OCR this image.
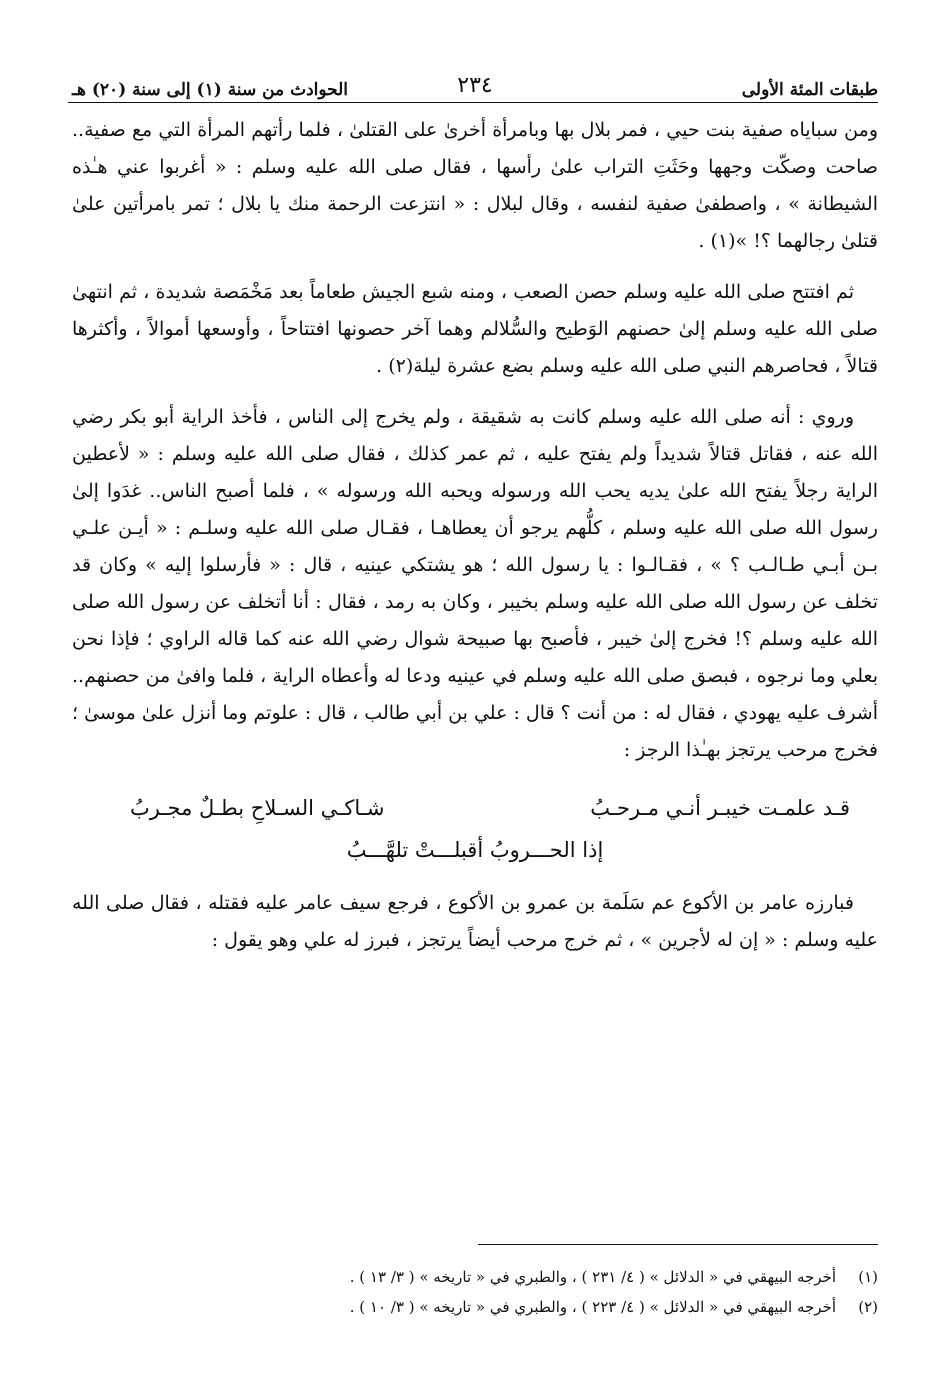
طبقات المئة الأولى
٢٣٤
الحوادث من سنة (١) إلى سنة (٢٠) هـ

ومن سباياه صفية بنت حيي ، فمر بلال بها وبامرأة أخرىٰ على القتلىٰ ، فلما رأتهم المرأة التي مع صفية.. صاحت وصكّت وجهها وحَثَتِ التراب علىٰ رأسها ، فقال صلى الله عليه وسلم : « أغربوا عني هـٰذه الشيطانة » ، واصطفىٰ صفية لنفسه ، وقال لبلال : « انتزعت الرحمة منك يا بلال ؛ تمر بامرأتين علىٰ قتلىٰ رجالهما ؟! »(١) .

ثم افتتح صلى الله عليه وسلم حصن الصعب ، ومنه شبع الجيش طعاماً بعد مَخْمَصة شديدة ، ثم انتهىٰ صلى الله عليه وسلم إلىٰ حصنهم الوَطيح والسُّلالم وهما آخر حصونها افتتاحاً ، وأوسعها أموالاً ، وأكثرها قتالاً ، فحاصرهم النبي صلى الله عليه وسلم بضع عشرة ليلة(٢) .

وروي : أنه صلى الله عليه وسلم كانت به شقيقة ، ولم يخرج إلى الناس ، فأخذ الراية أبو بكر رضي الله عنه ، فقاتل قتالاً شديداً ولم يفتح عليه ، ثم عمر كذلك ، فقال صلى الله عليه وسلم : « لأعطين الراية رجلاً يفتح الله علىٰ يديه يحب الله ورسوله ويحبه الله ورسوله » ، فلما أصبح الناس.. غدَوا إلىٰ رسول الله صلى الله عليه وسلم ، كلُّهم يرجو أن يعطاهـا ، فقـال صلى الله عليه وسلـم : « أيـن علـي بـن أبـي طـالـب ؟ » ، فقـالـوا : يا رسول الله ؛ هو يشتكي عينيه ، قال : « فأرسلوا إليه » وكان قد تخلف عن رسول الله صلى الله عليه وسلم بخيبر ، وكان به رمد ، فقال : أنا أتخلف عن رسول الله صلى الله عليه وسلم ؟! فخرج إلىٰ خيبر ، فأصبح بها صبيحة شوال رضي الله عنه كما قاله الراوي ؛ فإذا نحن بعلي وما نرجوه ، فبصق صلى الله عليه وسلم في عينيه ودعا له وأعطاه الراية ، فلما وافىٰ من حصنهم.. أشرف عليه يهودي ، فقال له : من أنت ؟ قال : علي بن أبي طالب ، قال : علوتم وما أنزل علىٰ موسىٰ ؛ فخرج مرحب يرتجز بهـٰذا الرجز :

قـد علمـت خيبـر أنـي مـرحـبُ
شـاكـي السـلاحِ بطـلٌ مجـربُ
إذا الحـــروبُ أقبلـــتْ تلهَّـــبُ

فبارزه عامر بن الأكوع عم سَلَمة بن عمرو بن الأكوع ، فرجع سيف عامر عليه فقتله ، فقال صلى الله عليه وسلم : « إن له لأجرين » ، ثم خرج مرحب أيضاً يرتجز ، فبرز له علي وهو يقول :

(١)
أخرجه البيهقي في « الدلائل » ( ٤/ ٢٣١ ) ، والطبري في « تاريخه » ( ٣/ ١٣ ) .
(٢)
أخرجه البيهقي في « الدلائل » ( ٤/ ٢٢٣ ) ، والطبري في « تاريخه » ( ٣/ ١٠ ) .
